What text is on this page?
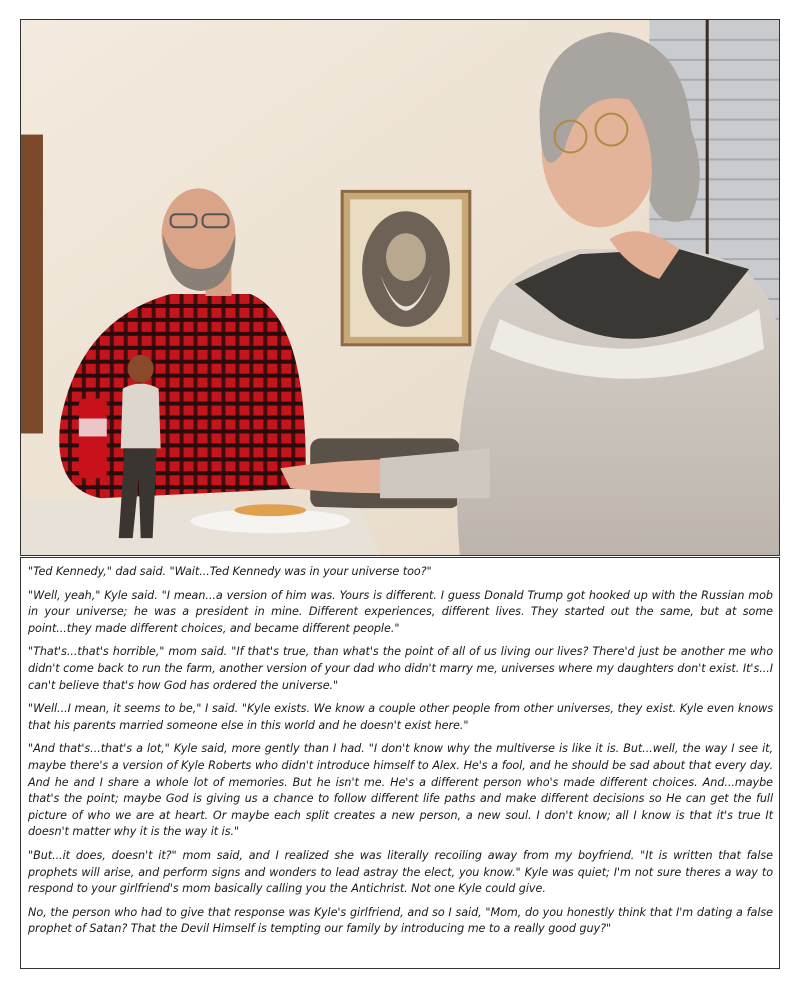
"Ted Kennedy," dad said. "Wait...Ted Kennedy was in your universe too?"

"Well, yeah," Kyle said. "I mean...a version of him was. Yours is different. I guess Donald Trump got hooked up with the Russian mob in your universe; he was a president in mine. Different experiences, different lives. They started out the same, but at some point...they made different choices, and became different people."

"That's...that's horrible," mom said. "If that's true, than what's the point of all of us living our lives? There'd just be another me who didn't come back to run the farm, another version of your dad who didn't marry me, universes where my daughters don't exist. It's...I can't believe that's how God has ordered the universe."

"Well...I mean, it seems to be," I said. "Kyle exists. We know a couple other people from other universes, they exist. Kyle even knows that his parents married someone else in this world and he doesn't exist here."

"And that's...that's a lot," Kyle said, more gently than I had. "I don't know why the multiverse is like it is. But...well, the way I see it, maybe there's a version of Kyle Roberts who didn't introduce himself to Alex. He's a fool, and he should be sad about that every day. And he and I share a whole lot of memories. But he isn't me. He's a different person who's made different choices. And...maybe that's the point; maybe God is giving us a chance to follow different life paths and make different decisions so He can get the full picture of who we are at heart. Or maybe each split creates a new person, a new soul. I don't know; all I know is that it's true It doesn't matter why it is the way it is."

"But...it does, doesn't it?" mom said, and I realized she was literally recoiling away from my boyfriend. "It is written that false prophets will arise, and perform signs and wonders to lead astray the elect, you know." Kyle was quiet; I'm not sure theres a way to respond to your girlfriend's mom basically calling you the Antichrist. Not one Kyle could give.

No, the person who had to give that response was Kyle's girlfriend, and so I said, "Mom, do you honestly think that I'm dating a false prophet of Satan? That the Devil Himself is tempting our family by introducing me to a really good guy?"
